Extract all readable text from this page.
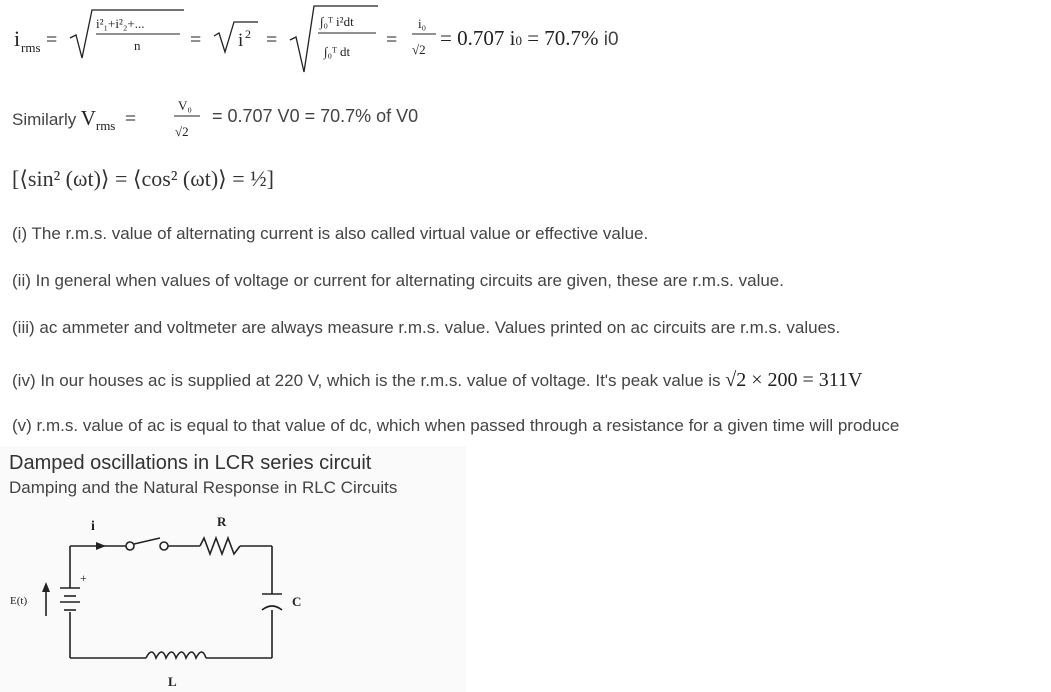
i rms =
i²₁+i²₂+...
n = i 2 =
∫₀ᵀ i²dt
∫₀ᵀ dt
=
i₀
√2 = 0.707 i0 = 70.7% i0
Similarly $V_{rms}$  =
V₀
√2
= 0.707 V0 = 70.7% of V0
[⟨sin² (ωt)⟩ = ⟨cos² (ωt)⟩ = ½]
(i) The r.m.s. value of alternating current is also called virtual value or effective value.
(ii) In general when values of voltage or current for alternating circuits are given, these are r.m.s. value.
(iii) ac ammeter and voltmeter are always measure r.m.s. value. Values printed on ac circuits are r.m.s. values.
(iv) In our houses ac is supplied at 220 V, which is the r.m.s. value of voltage. It's peak value is √2 × 200 = 311V
(v) r.m.s. value of ac is equal to that value of dc, which when passed through a resistance for a given time will produce
Damped oscillations in LCR series circuit
Damping and the Natural Response in RLC Circuits
i	R
C
L
E(t)
+
